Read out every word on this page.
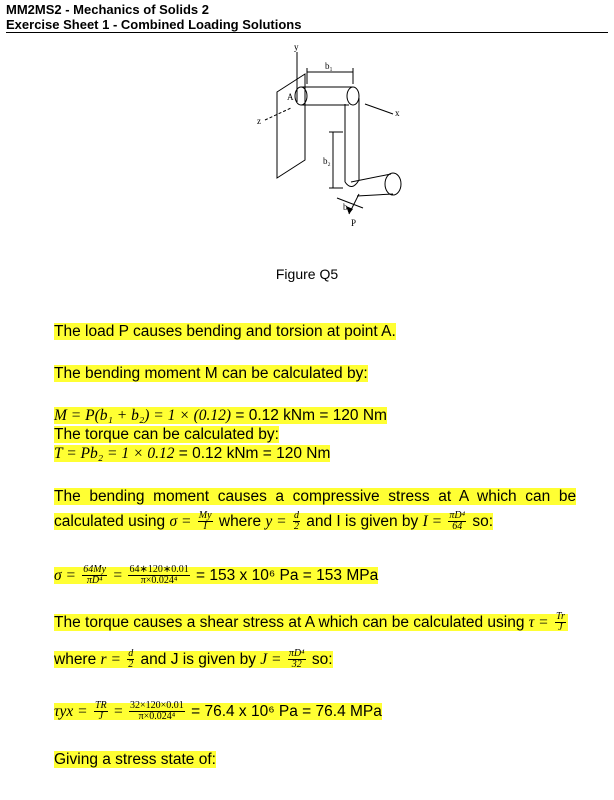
MM2MS2 - Mechanics of Solids 2
Exercise Sheet 1 - Combined Loading Solutions
y
z
x
A
b₁
b₂
b₃
P
Figure Q5
The load P causes bending and torsion at point A.
The bending moment M can be calculated by:
M = P(b₁ + b₂) = 1 × (0.12) = 0.12 kNm = 120 Nm
The torque can be calculated by:
T = Pb₂ = 1 × 0.12 = 0.12 kNm = 120 Nm
The  bending  moment  causes  a  compressive  stress  at  A  which  can  be
calculated using $\sigma = \frac{My}{I}$ where $y = \frac{d}{2}$ and I is given by $I = \frac{\text{πD⁴}}{64}$ so:
$\sigma = \frac{64My}{\text{πD⁴}} = \frac{64∗120∗0.01}{\text{π×0.024⁴}} = 153$ x 10⁶ Pa = 153 MPa
The torque causes a shear stress at A which can be calculated using $\tau = \frac{Tr}{J}$
where $r = \frac{d}{2}$ and J is given by $J = \frac{\text{πD⁴}}{32}$ so:
$\tau yx = \frac{TR}{J} = \frac{32\times 120\times 0.01}{\text{π×0.024⁴}} = 76.4$ x 10⁶ Pa = 76.4 MPa
Giving a stress state of:
